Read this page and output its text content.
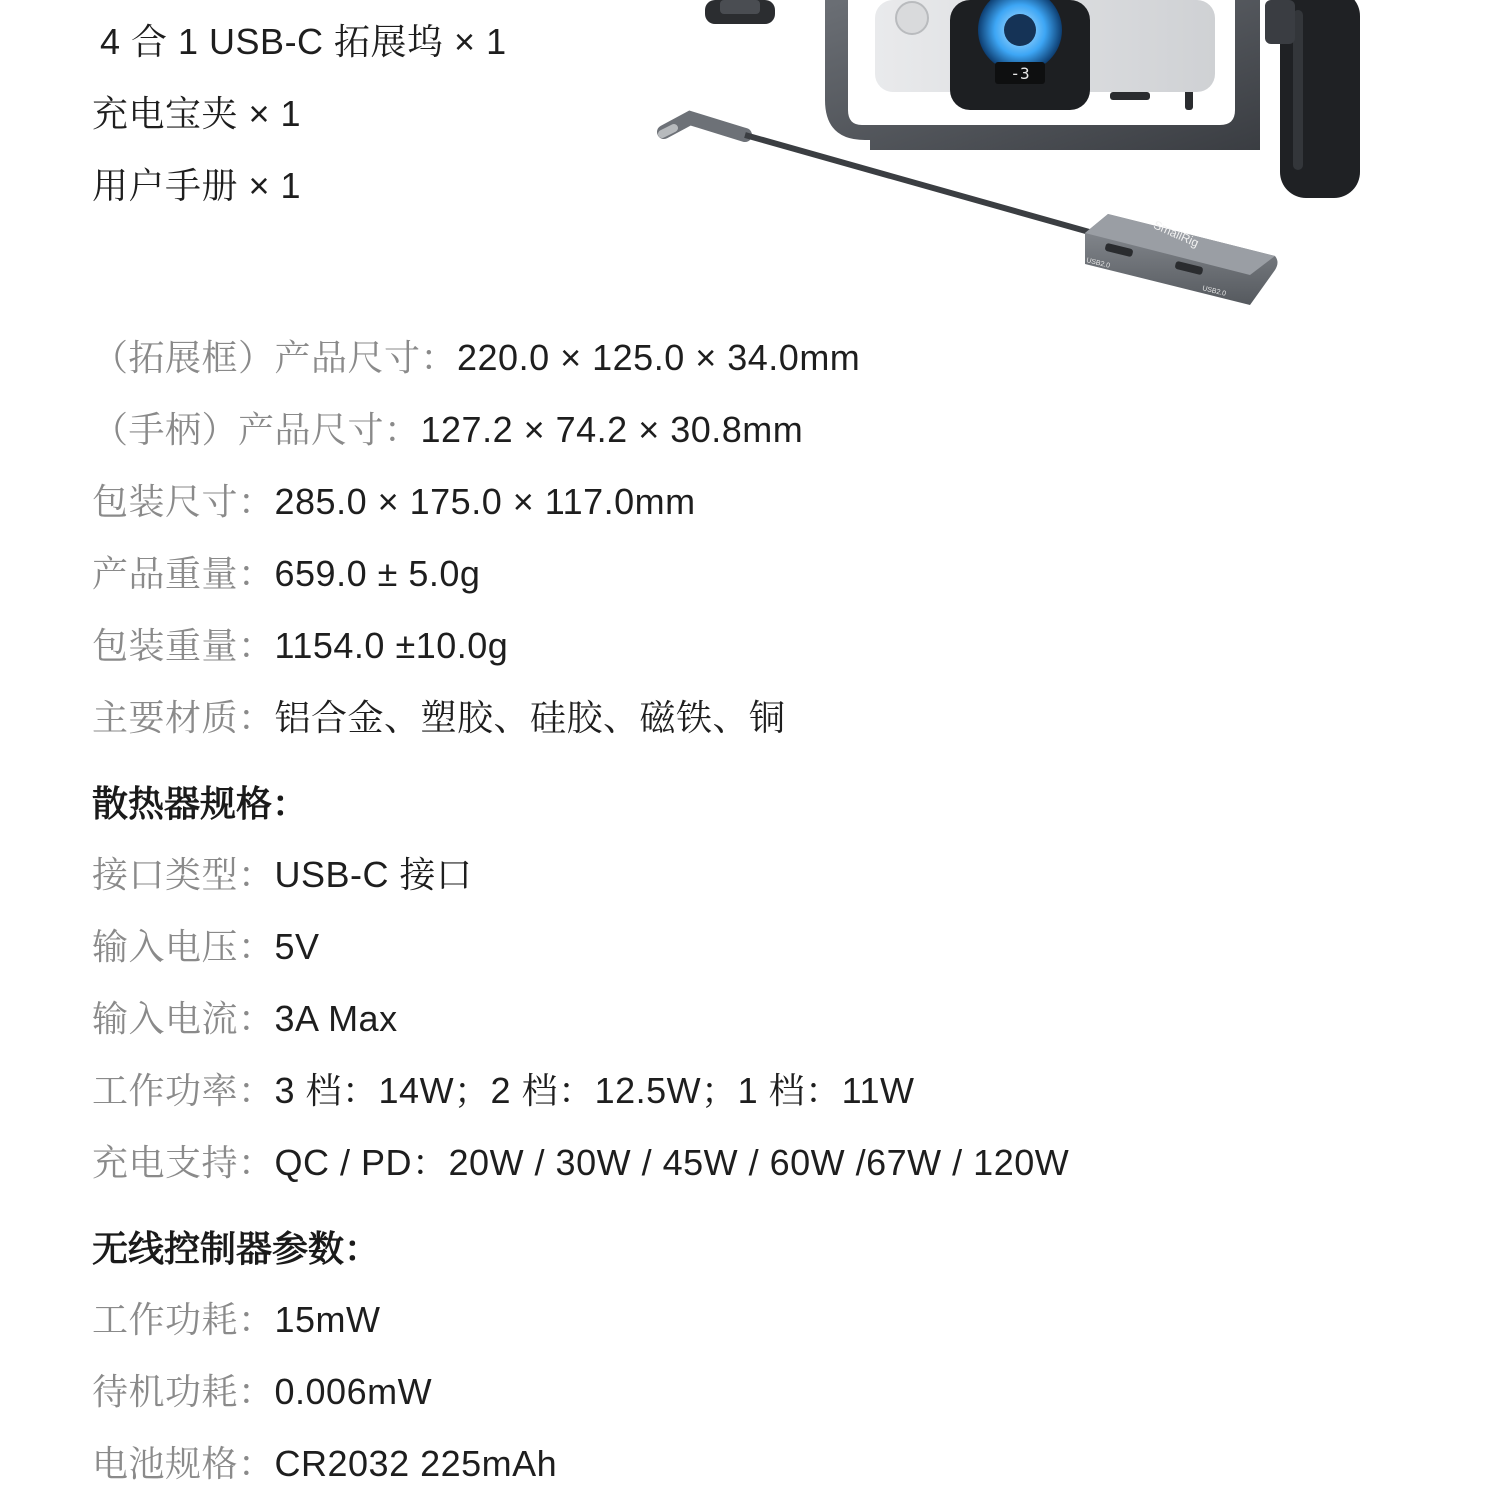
-3
SmallRig
USB2.0
USB2.0
4 合 1 USB-C 拓展坞 × 1
充电宝夹 × 1
用户手册 × 1
（拓展框）产品尺寸：220.0 × 125.0 × 34.0mm
（手柄）产品尺寸：127.2 × 74.2 × 30.8mm
包装尺寸：285.0 × 175.0 × 117.0mm
产品重量：659.0 ± 5.0g
包装重量：1154.0 ±10.0g
主要材质：铝合金、塑胶、硅胶、磁铁、铜
散热器规格：
接口类型：USB-C 接口
输入电压：5V
输入电流：3A Max
工作功率：3 档：14W；2 档：12.5W；1 档：11W
充电支持：QC / PD：20W / 30W / 45W / 60W /67W / 120W
无线控制器参数：
工作功耗：15mW
待机功耗：0.006mW
电池规格：CR2032 225mAh
